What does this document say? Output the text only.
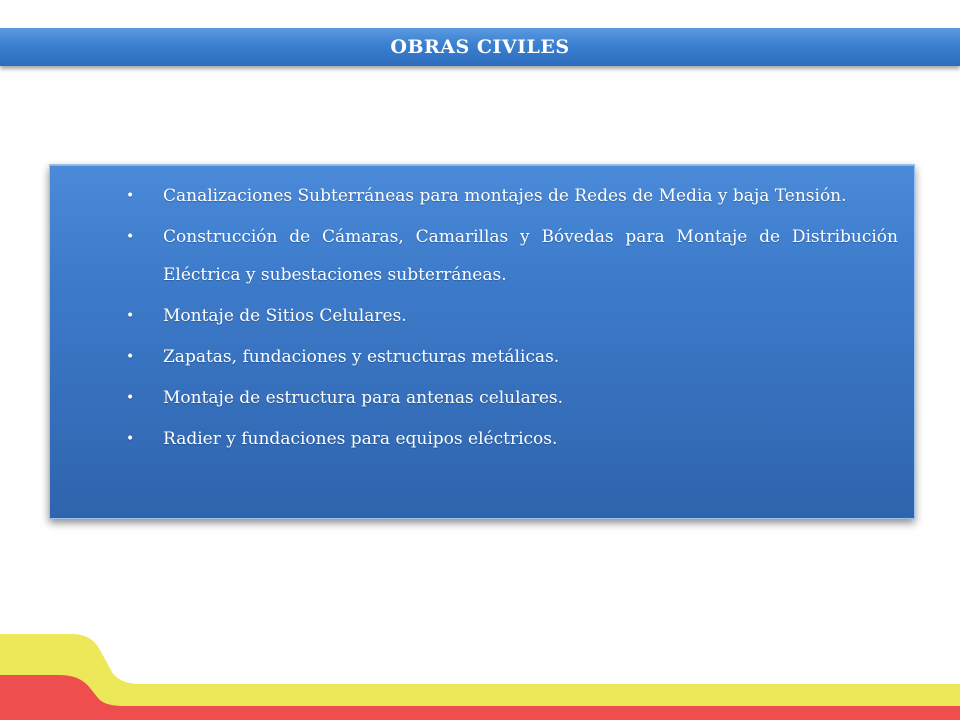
OBRAS CIVILES
• Canalizaciones Subterráneas para montajes de Redes de Media y baja Tensión.
• Construcción de Cámaras, Camarillas y Bóvedas para Montaje de Distribución Eléctrica y subestaciones subterráneas.
• Montaje de Sitios Celulares.
• Zapatas, fundaciones y estructuras metálicas.
• Montaje de estructura para antenas celulares.
• Radier y fundaciones para equipos eléctricos.
